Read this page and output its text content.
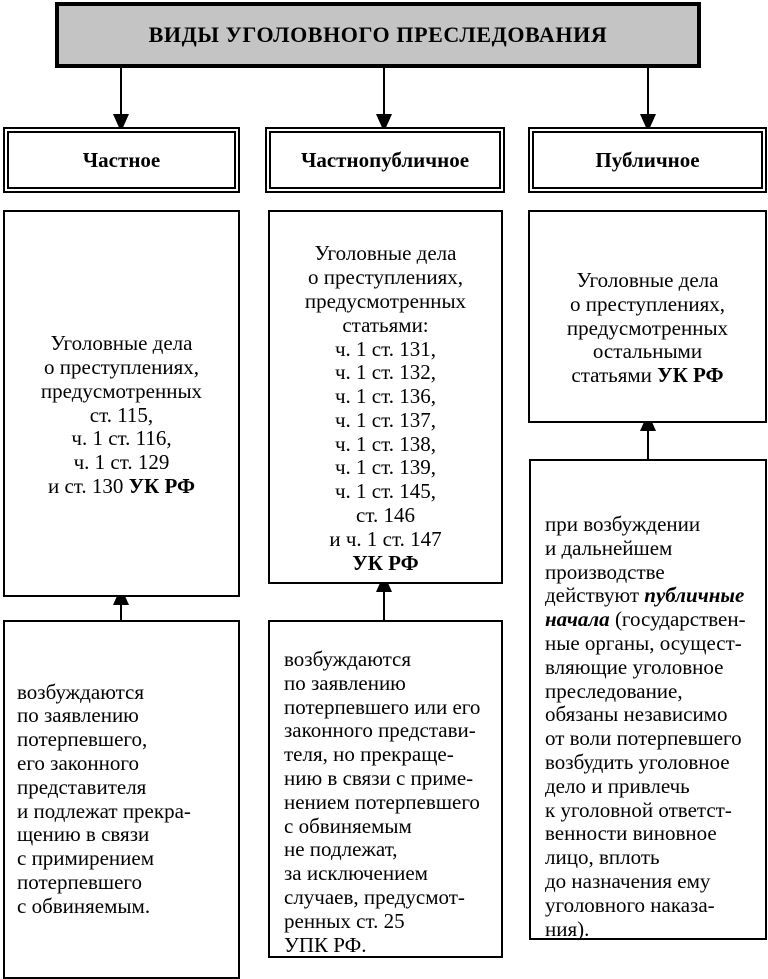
ВИДЫ УГОЛОВНОГО ПРЕСЛЕДОВАНИЯ
Частное	Частнопубличное	Публичное

Уголовные дела
о преступлениях,
предусмотренных
ст. 115,
ч. 1 ст. 116,
ч. 1 ст. 129
и ст. 130 УК РФ

Уголовные дела
о преступлениях,
предусмотренных
статьями:
ч. 1 ст. 131,
ч. 1 ст. 132,
ч. 1 ст. 136,
ч. 1 ст. 137,
ч. 1 ст. 138,
ч. 1 ст. 139,
ч. 1 ст. 145,
ст. 146
и ч. 1 ст. 147
УК РФ

Уголовные дела
о преступлениях,
предусмотренных
остальными
статьями УК РФ

возбуждаются
по заявлению
потерпевшего,
его законного
представителя
и подлежат прекра-
щению в связи
с примирением
потерпевшего
с обвиняемым.
возбуждаются
по заявлению
потерпевшего или его
законного представи-
теля, но прекраще-
нию в связи с приме-
нением потерпевшего
с обвиняемым
не подлежат,
за исключением
случаев, предусмот-
ренных ст. 25
УПК РФ.
при возбуждении
и дальнейшем
производстве
действуют публичные
начала (государствен-
ные органы, осущест-
вляющие уголовное
преследование,
обязаны независимо
от воли потерпевшего
возбудить уголовное
дело и привлечь
к уголовной ответст-
венности виновное
лицо, вплоть
до назначения ему
уголовного наказа-
ния).
